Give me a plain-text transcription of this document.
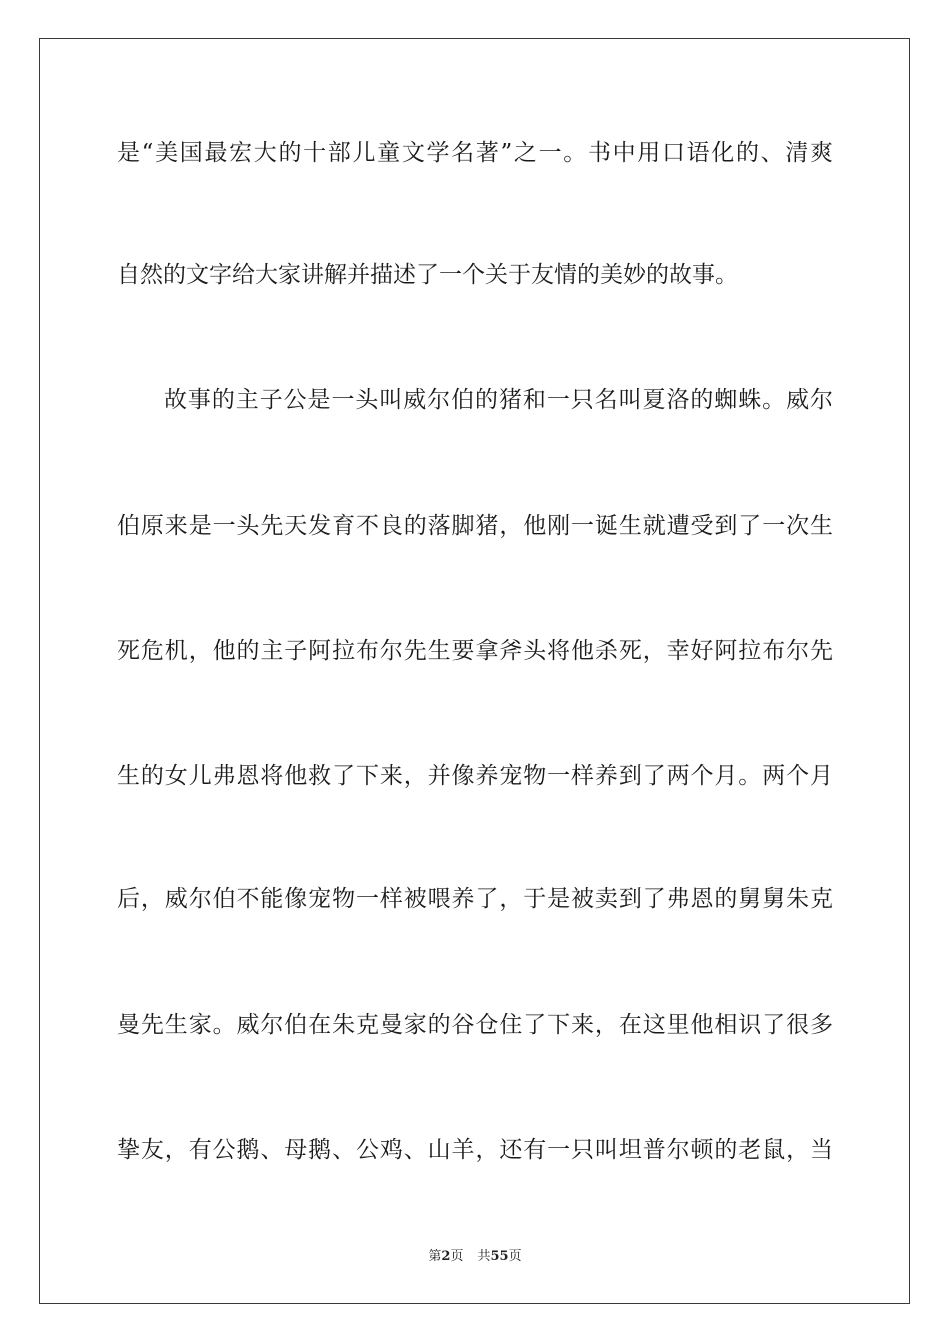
是“美国最宏大的十部儿童文学名著”之一。书中用口语化的、清爽
自然的文字给大家讲解并描述了一个关于友情的美妙的故事。
故事的主子公是一头叫威尔伯的猪和一只名叫夏洛的蜘蛛。威尔
伯原来是一头先天发育不良的落脚猪，他刚一诞生就遭受到了一次生
死危机，他的主子阿拉布尔先生要拿斧头将他杀死，幸好阿拉布尔先
生的女儿弗恩将他救了下来，并像养宠物一样养到了两个月。两个月
后，威尔伯不能像宠物一样被喂养了，于是被卖到了弗恩的舅舅朱克
曼先生家。威尔伯在朱克曼家的谷仓住了下来，在这里他相识了很多
挚友，有公鹅、母鹅、公鸡、山羊，还有一只叫坦普尔顿的老鼠，当
第2页 共55页
